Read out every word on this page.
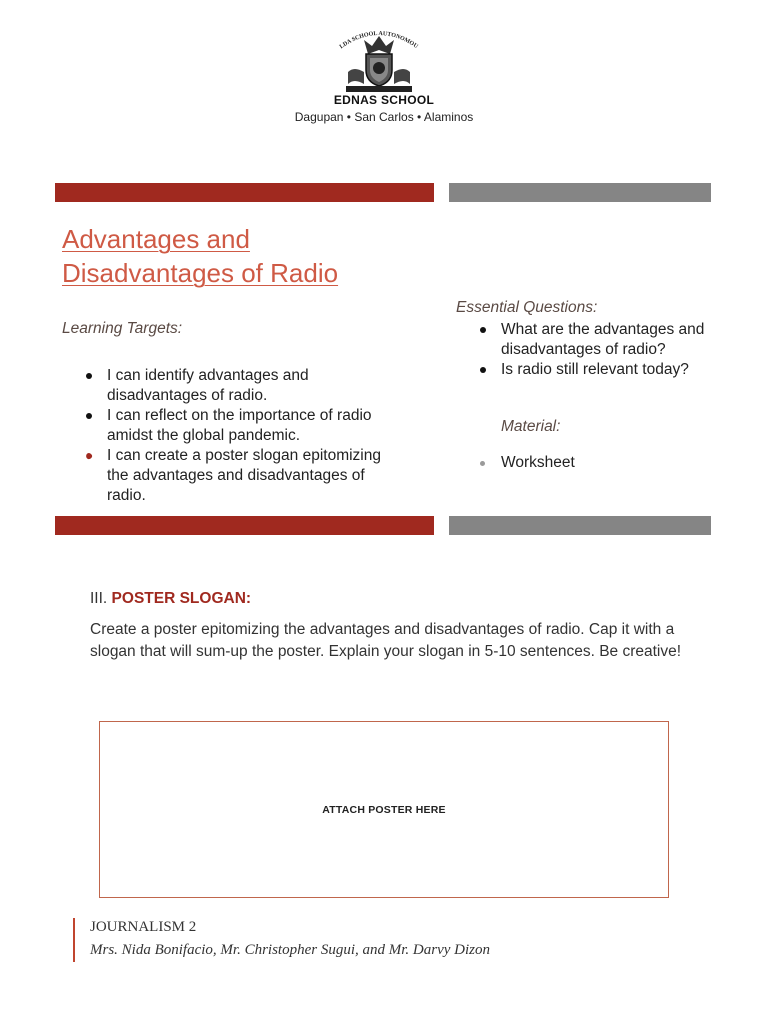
LDA SCHOOL AUTONOMOU
EDNAS SCHOOL
Dagupan • San Carlos • Alaminos
Advantages and
Disadvantages of Radio
Learning Targets:
I can identify advantages and disadvantages of radio.
I can reflect on the importance of radio amidst the global pandemic.
I can create a poster slogan epitomizing the advantages and disadvantages of radio.
Essential Questions:
What are the advantages and disadvantages of radio?
Is radio still relevant today?
Material:
Worksheet
III. POSTER SLOGAN:
Create a poster epitomizing the advantages and disadvantages of radio. Cap it with a slogan that will sum-up the poster. Explain your slogan in 5-10 sentences. Be creative!
ATTACH POSTER HERE
JOURNALISM 2
Mrs. Nida Bonifacio, Mr. Christopher Sugui, and Mr. Darvy Dizon
